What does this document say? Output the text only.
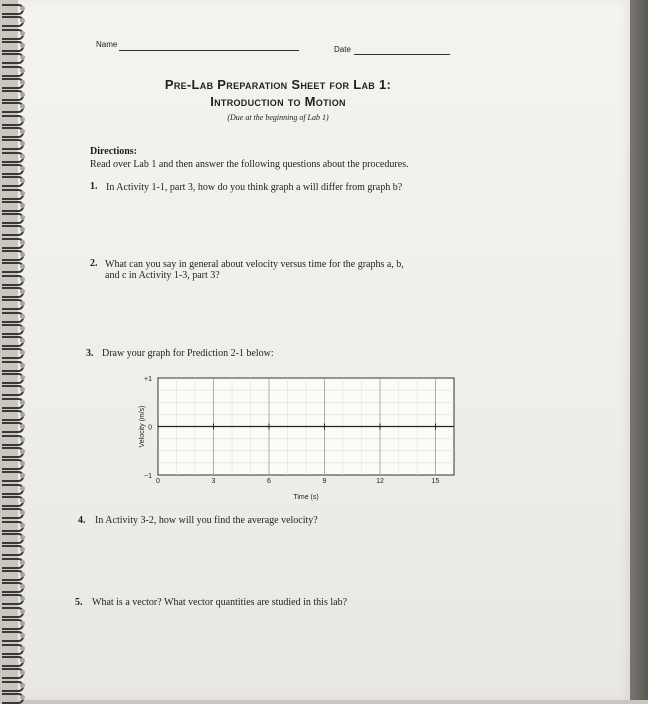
Name
Date
Pre-Lab Preparation Sheet for Lab 1:
Introduction to Motion
(Due at the beginning of Lab 1)
Directions:
Read over Lab 1 and then answer the following questions about the procedures.
1. In Activity 1-1, part 3, how do you think graph a will differ from graph b?
2. What can you say in general about velocity versus time for the graphs a, b,
and c in Activity 1-3, part 3?
3. Draw your graph for Prediction 2-1 below:
4. In Activity 3-2, how will you find the average velocity?
5. What is a vector? What vector quantities are studied in this lab?
0	3	6	9	12	15
+1
0
−1
Time (s)
Velocity (m/s)
